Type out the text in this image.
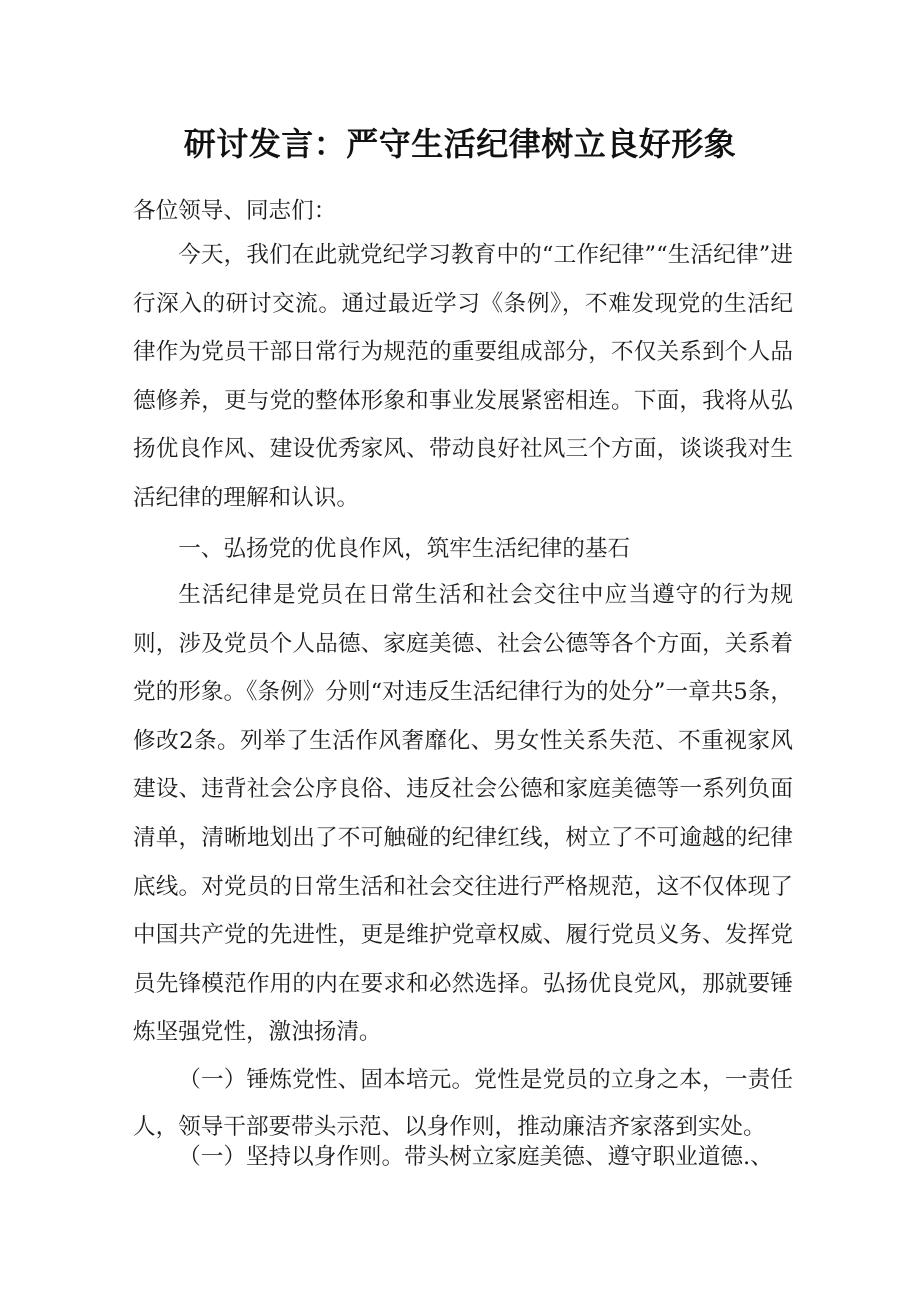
研讨发言：严守生活纪律树立良好形象
各位领导、同志们：

今天，我们在此就党纪学习教育中的“工作纪律”“生活纪律”进行深入的研讨交流。通过最近学习《条例》，不难发现党的生活纪律作为党员干部日常行为规范的重要组成部分，不仅关系到个人品德修养，更与党的整体形象和事业发展紧密相连。下面，我将从弘扬优良作风、建设优秀家风、带动良好社风三个方面，谈谈我对生活纪律的理解和认识。

一、弘扬党的优良作风，筑牢生活纪律的基石

生活纪律是党员在日常生活和社会交往中应当遵守的行为规则，涉及党员个人品德、家庭美德、社会公德等各个方面，关系着党的形象。《条例》分则“对违反生活纪律行为的处分”一章共5条，修改2条。列举了生活作风奢靡化、男女性关系失范、不重视家风建设、违背社会公序良俗、违反社会公德和家庭美德等一系列负面清单，清晰地划出了不可触碰的纪律红线，树立了不可逾越的纪律底线。对党员的日常生活和社会交往进行严格规范，这不仅体现了中国共产党的先进性，更是维护党章权威、履行党员义务、发挥党员先锋模范作用的内在要求和必然选择。弘扬优良党风，那就要锤炼坚强党性，激浊扬清。

（一）锤炼党性、固本培元。党性是党员的立身之本，一责任人，领导干部要带头示范、以身作则，推动廉洁齐家落到实处。

（一）坚持以身作则。带头树立家庭美德、遵守职业道德.、
